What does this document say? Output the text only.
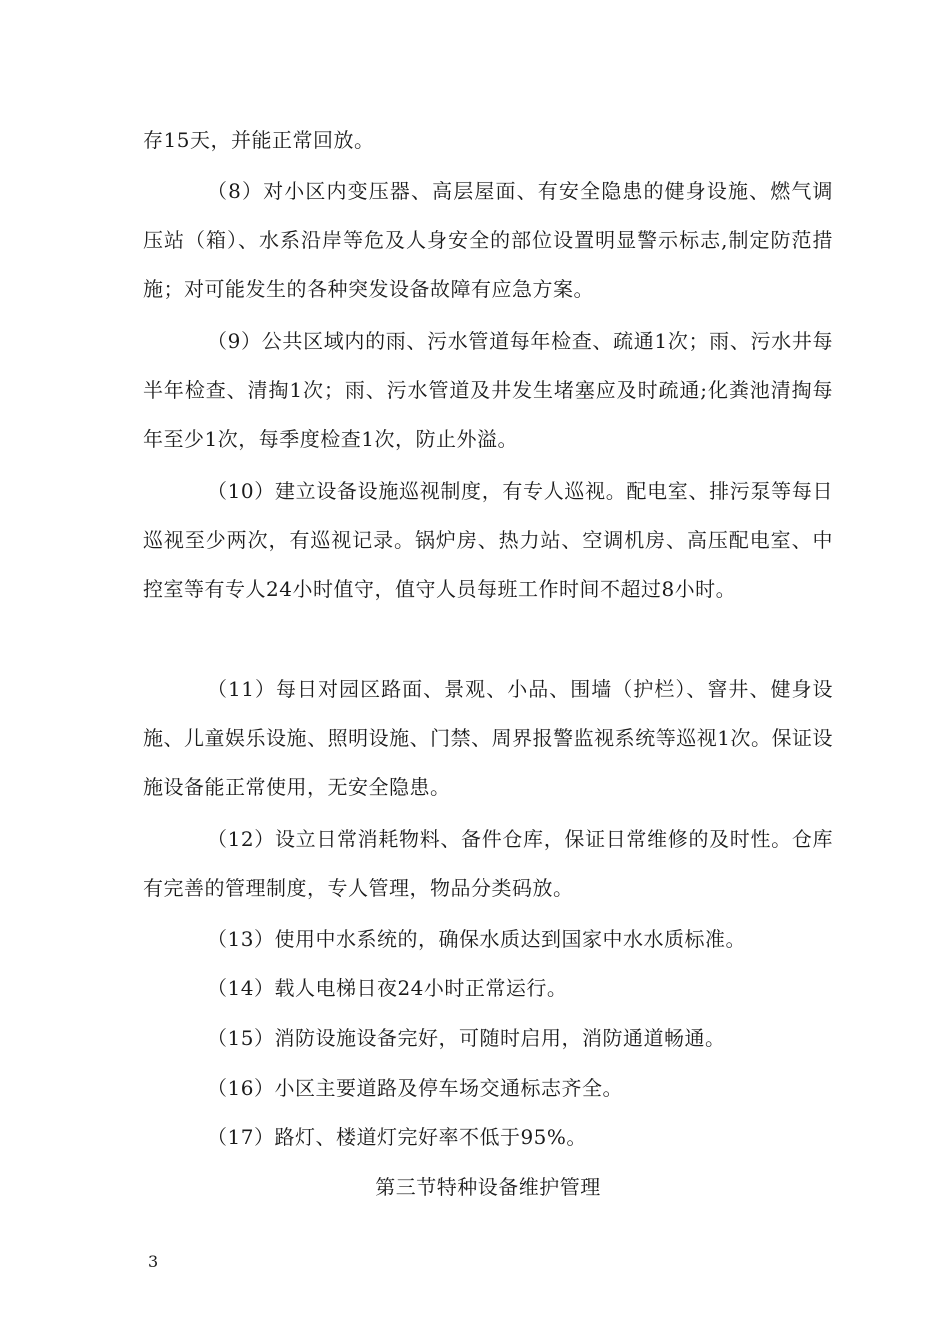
存15天，并能正常回放。

（8）对小区内变压器、高层屋面、有安全隐患的健身设施、燃气调压站（箱）、水系沿岸等危及人身安全的部位设置明显警示标志,制定防范措施；对可能发生的各种突发设备故障有应急方案。

（9）公共区域内的雨、污水管道每年检查、疏通1次；雨、污水井每半年检查、清掏1次；雨、污水管道及井发生堵塞应及时疏通;化粪池清掏每年至少1次，每季度检查1次，防止外溢。

（10）建立设备设施巡视制度，有专人巡视。配电室、排污泵等每日巡视至少两次，有巡视记录。锅炉房、热力站、空调机房、高压配电室、中控室等有专人24小时值守，值守人员每班工作时间不超过8小时。

（11）每日对园区路面、景观、小品、围墙（护栏）、窨井、健身设施、儿童娱乐设施、照明设施、门禁、周界报警监视系统等巡视1次。保证设施设备能正常使用，无安全隐患。

（12）设立日常消耗物料、备件仓库，保证日常维修的及时性。仓库有完善的管理制度，专人管理，物品分类码放。

（13）使用中水系统的，确保水质达到国家中水水质标准。

（14）载人电梯日夜24小时正常运行。

（15）消防设施设备完好，可随时启用，消防通道畅通。

（16）小区主要道路及停车场交通标志齐全。

（17）路灯、楼道灯完好率不低于95%。

第三节特种设备维护管理

3
